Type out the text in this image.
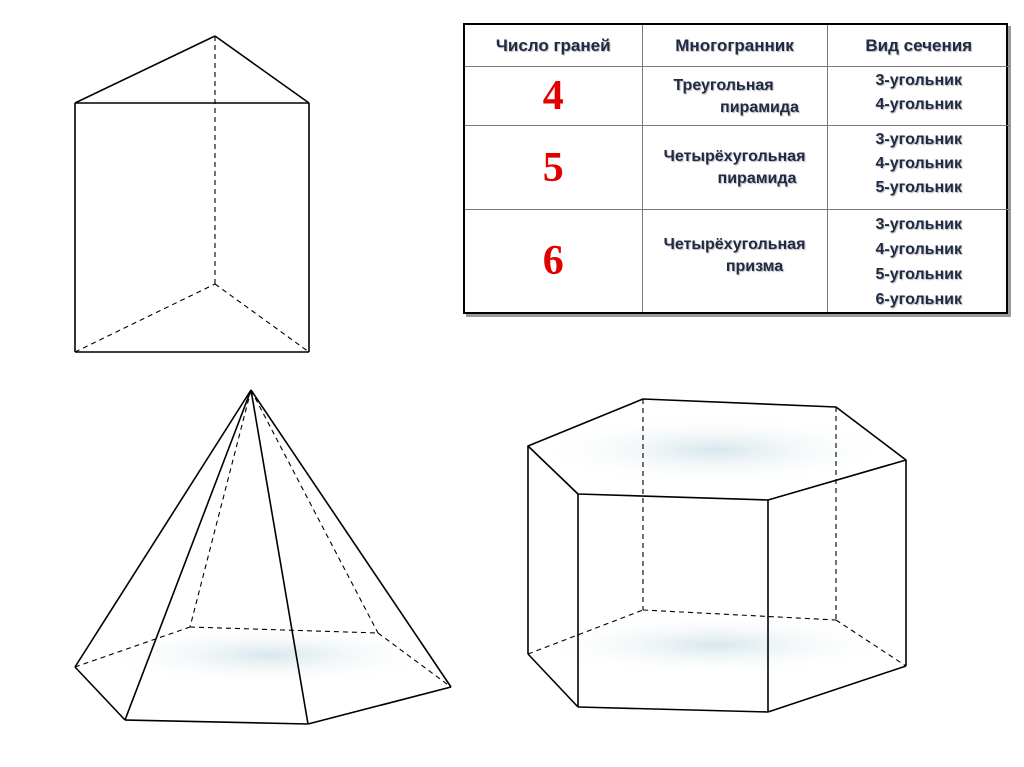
Число граней	Многогранник	Вид сечения
4	Треугольная
пирамида	3-угольник
4-угольник

5	Четырёхугольная
пирамида	3-угольник
4-угольник
5-угольник

6	Четырёхугольная
призма	3-угольник
4-угольник
5-угольник
6-угольник
